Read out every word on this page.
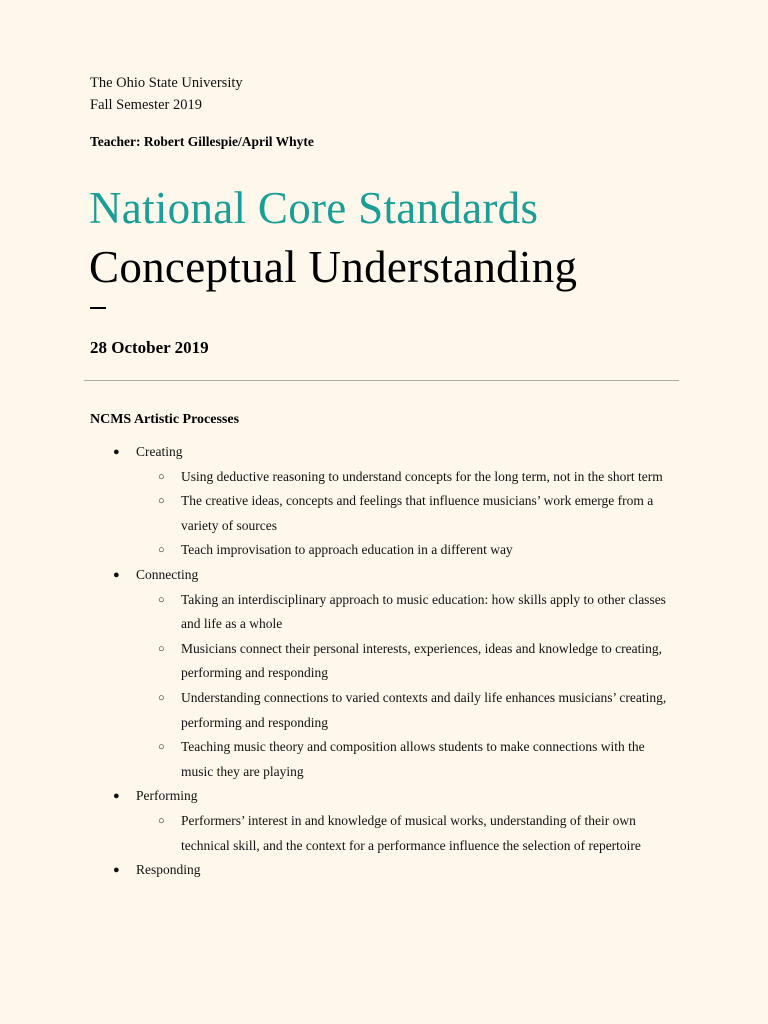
The Ohio State University
Fall Semester 2019
Teacher: Robert Gillespie/April Whyte
National Core Standards
Conceptual Understanding
28 October 2019
NCMS Artistic Processes
● Creating
○ Using deductive reasoning to understand concepts for the long term, not in the short term
○ The creative ideas, concepts and feelings that influence musicians’ work emerge from a variety of sources
○ Teach improvisation to approach education in a different way
● Connecting
○ Taking an interdisciplinary approach to music education: how skills apply to other classes and life as a whole
○ Musicians connect their personal interests, experiences, ideas and knowledge to creating, performing and responding
○ Understanding connections to varied contexts and daily life enhances musicians’ creating, performing and responding
○ Teaching music theory and composition allows students to make connections with the music they are playing
● Performing
○ Performers’ interest in and knowledge of musical works, understanding of their own technical skill, and the context for a performance influence the selection of repertoire
● Responding
